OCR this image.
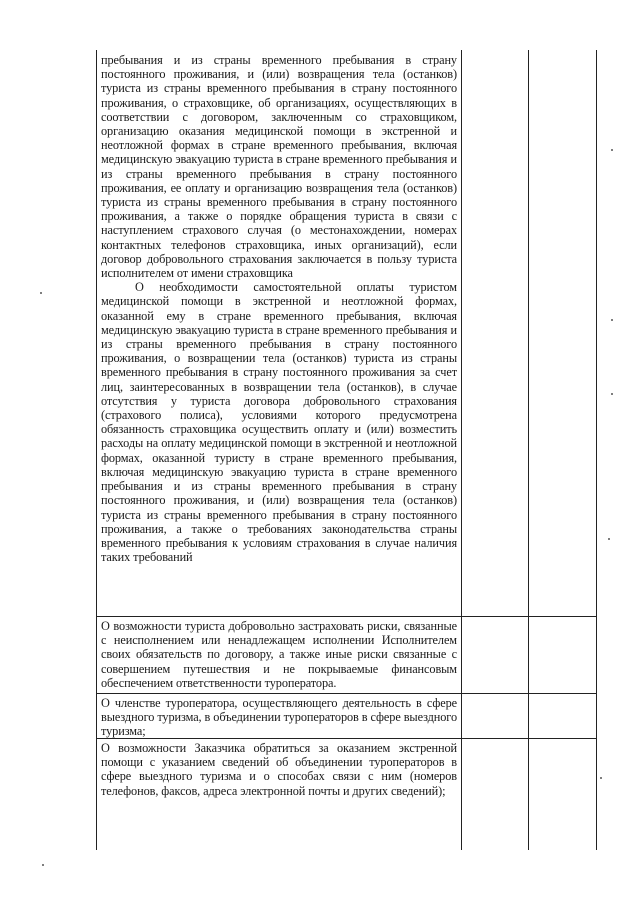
пребывания и из страны временного пребывания в страну постоянного проживания, и (или) возвращения тела (останков) туриста из страны временного пребывания в страну постоянного проживания, о страховщике, об организациях, осуществляющих в соответствии с договором, заключенным со страховщиком, организацию оказания медицинской помощи в экстренной и неотложной формах в стране временного пребывания, включая медицинскую эвакуацию туриста в стране временного пребывания и из страны временного пребывания в страну постоянного проживания, ее оплату и организацию возвращения тела (останков) туриста из страны временного пребывания в страну постоянного проживания, а также о порядке обращения туриста в связи с наступлением страхового случая (о местонахождении, номерах контактных телефонов страховщика, иных организаций), если договор добровольного страхования заключается в пользу туриста исполнителем от имени страховщика

О необходимости самостоятельной оплаты туристом медицинской помощи в экстренной и неотложной формах, оказанной ему в стране временного пребывания, включая медицинскую эвакуацию туриста в стране временного пребывания и из страны временного пребывания в страну постоянного проживания, о возвращении тела (останков) туриста из страны временного пребывания в страну постоянного проживания за счет лиц, заинтересованных в возвращении тела (останков), в случае отсутствия у туриста договора добровольного страхования (страхового полиса), условиями которого предусмотрена обязанность страховщика осуществить оплату и (или) возместить расходы на оплату медицинской помощи в экстренной и неотложной формах, оказанной туристу в стране временного пребывания, включая медицинскую эвакуацию туриста в стране временного пребывания и из страны временного пребывания в страну постоянного проживания, и (или) возвращения тела (останков) туриста из страны временного пребывания в страну постоянного проживания, а также о требованиях законодательства страны временного пребывания к условиям страхования в случае наличия таких требований

О возможности туриста добровольно застраховать риски, связанные с неисполнением или ненадлежащем исполнении Исполнителем своих обязательств по договору, а также иные риски связанные с совершением путешествия и не покрываемые финансовым обеспечением ответственности туроператора.

О членстве туроператора, осуществляющего деятельность в сфере выездного туризма, в объединении туроператоров в сфере выездного туризма;

О возможности Заказчика обратиться за оказанием экстренной помощи с указанием сведений об объединении туроператоров в сфере выездного туризма и о способах связи с ним (номеров телефонов, факсов, адреса электронной почты и других сведений);
